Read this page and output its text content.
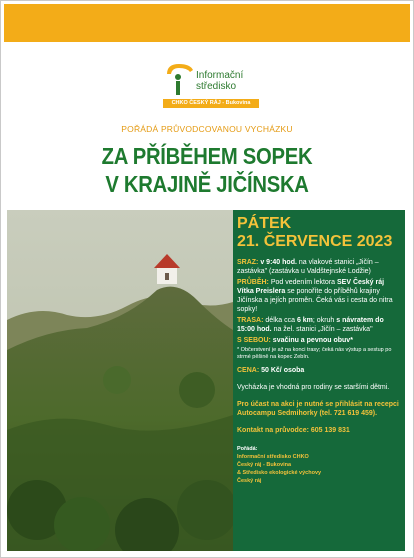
Informační
středisko
CHKO ČESKÝ RÁJ - Bukovina
POŘÁDÁ PRŮVODCOVANOU VYCHÁZKU
ZA PŘÍBĚHEM SOPEK
V KRAJINĚ JIČÍNSKA
PÁTEK
21. ČERVENCE 2023
SRAZ: v 9:40 hod. na vlakové stanici „Jičín – zastávka" (zastávka u Valdštejnské Lodžie)
PRŮBĚH: Pod vedením lektora SEV Český ráj Vítka Preislera se ponoříte do příběhů krajiny Jičínska a jejích proměn. Čeká vás i cesta do nitra sopky!
TRASA: délka cca 6 km; okruh s návratem do 15:00 hod. na žel. stanici „Jičín – zastávka"
S SEBOU: svačinu a pevnou obuv*
* Občerstvení je až na konci trasy; čeká nás výstup a sestup po strmé pěšině na kopec Zebín.
CENA: 50 Kč/ osoba
Vycházka je vhodná pro rodiny se staršími dětmi.
Pro účast na akci je nutné se přihlásit na recepci Autocampu Sedmihorky (tel. 721 619 459).
Kontakt na průvodce: 605 139 831
Pořádá:
Informační středisko CHKO
Český ráj - Bukovina
& Středisko ekologické výchovy
Český ráj
